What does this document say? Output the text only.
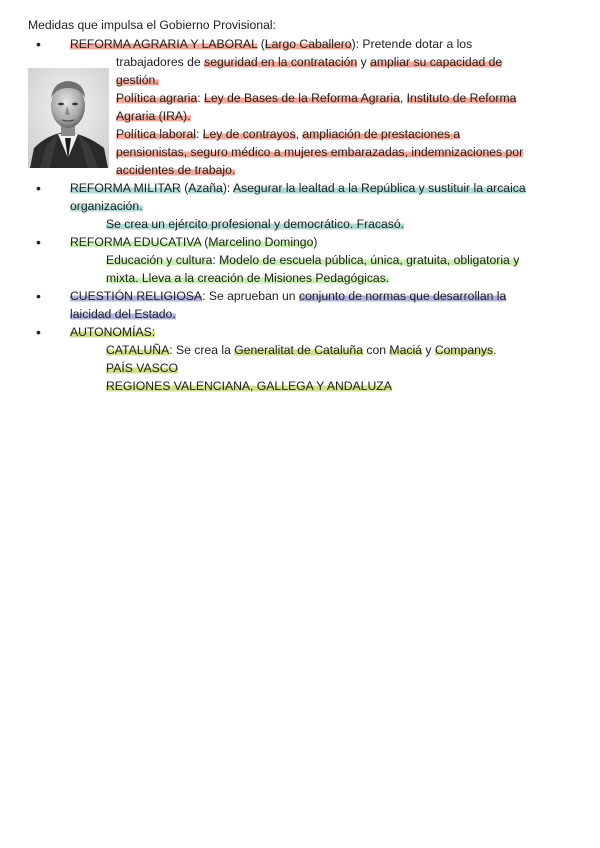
Medidas que impulsa el Gobierno Provisional:
• REFORMA AGRARIA Y LABORAL (Largo Caballero): Pretende dotar a los
trabajadores de seguridad en la contratación y ampliar su capacidad de
gestión.
Política agraria: Ley de Bases de la Reforma Agraria, Instituto de Reforma
Agraria (IRA).
Política laboral: Ley de contrayos, ampliación de prestaciones a
pensionistas, seguro médico a mujeres embarazadas, indemnizaciones por
accidentes de trabajo.
• REFORMA MILITAR (Azaña): Asegurar la lealtad a la República y sustituir la arcaica
organización.
Se crea un ejército profesional y democrático. Fracasó.
• REFORMA EDUCATIVA (Marcelino Domingo)
Educación y cultura: Modelo de escuela pública, única, gratuita, obligatoria y
mixta. Lleva a la creación de Misiones Pedagógicas.
• CUESTIÓN RELIGIOSA: Se aprueban un conjunto de normas que desarrollan la
laicidad del Estado.
• AUTONOMÍAS:
CATALUÑA: Se crea la Generalitat de Cataluña con Maciá y Companys.
PAÍS VASCO
REGIONES VALENCIANA, GALLEGA Y ANDALUZA
